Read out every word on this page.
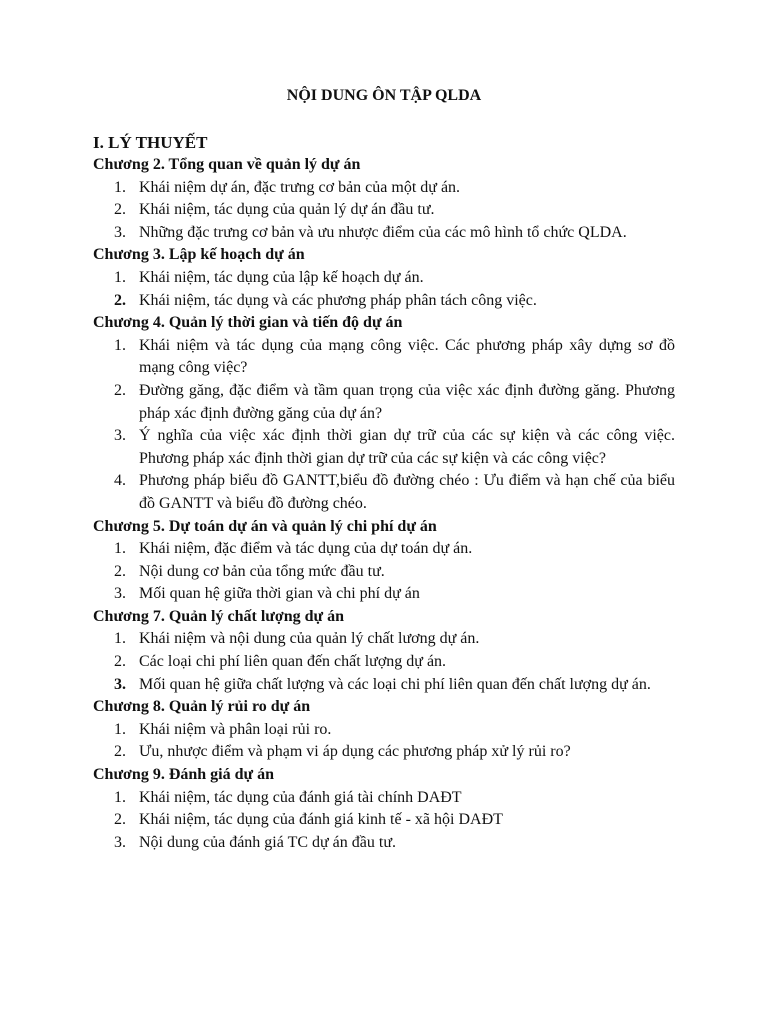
NỘI DUNG ÔN TẬP QLDA
I. LÝ THUYẾT
Chương 2. Tổng quan về quản lý dự án
1. Khái niệm dự án, đặc trưng cơ bản của một dự án.
2. Khái niệm, tác dụng của quản lý dự án đầu tư.
3. Những đặc trưng cơ bản và ưu nhược điểm của các mô hình tổ chức QLDA.
Chương 3. Lập kế hoạch dự án
1. Khái niệm, tác dụng của lập kế hoạch dự án.
2. Khái niệm, tác dụng và các phương pháp phân tách công việc.
Chương 4. Quản lý thời gian và tiến độ dự án
1. Khái niệm và tác dụng của mạng công việc. Các phương pháp xây dựng sơ đồ mạng công việc?
2. Đường găng, đặc điểm và tầm quan trọng của việc xác định đường găng. Phương pháp xác định đường găng của dự án?
3. Ý nghĩa của việc xác định thời gian dự trữ của các sự kiện và các công việc. Phương pháp xác định thời gian dự trữ của các sự kiện và các công việc?
4. Phương pháp biểu đồ GANTT,biểu đồ đường chéo : Ưu điểm và hạn chế của biểu đồ GANTT và biểu đồ đường chéo.
Chương 5. Dự toán dự án và quản lý chi phí dự án
1. Khái niệm, đặc điểm và tác dụng của dự toán dự án.
2. Nội dung cơ bản của tổng mức đầu tư.
3. Mối quan hệ giữa thời gian và chi phí dự án
Chương 7. Quản lý chất lượng dự án
1. Khái niệm và nội dung của quản lý chất lương dự án.
2. Các loại chi phí liên quan đến chất lượng dự án.
3. Mối quan hệ giữa chất lượng và các loại chi phí liên quan đến chất lượng dự án.
Chương 8. Quản lý rủi ro dự án
1. Khái niệm và phân loại rủi ro.
2. Ưu, nhược điểm và phạm vi áp dụng các phương pháp xử lý rủi ro?
Chương 9. Đánh giá dự án
1. Khái niệm, tác dụng của đánh giá tài chính DAĐT
2. Khái niệm, tác dụng của đánh giá kinh tế - xã hội DAĐT
3. Nội dung của đánh giá TC dự án đầu tư.
